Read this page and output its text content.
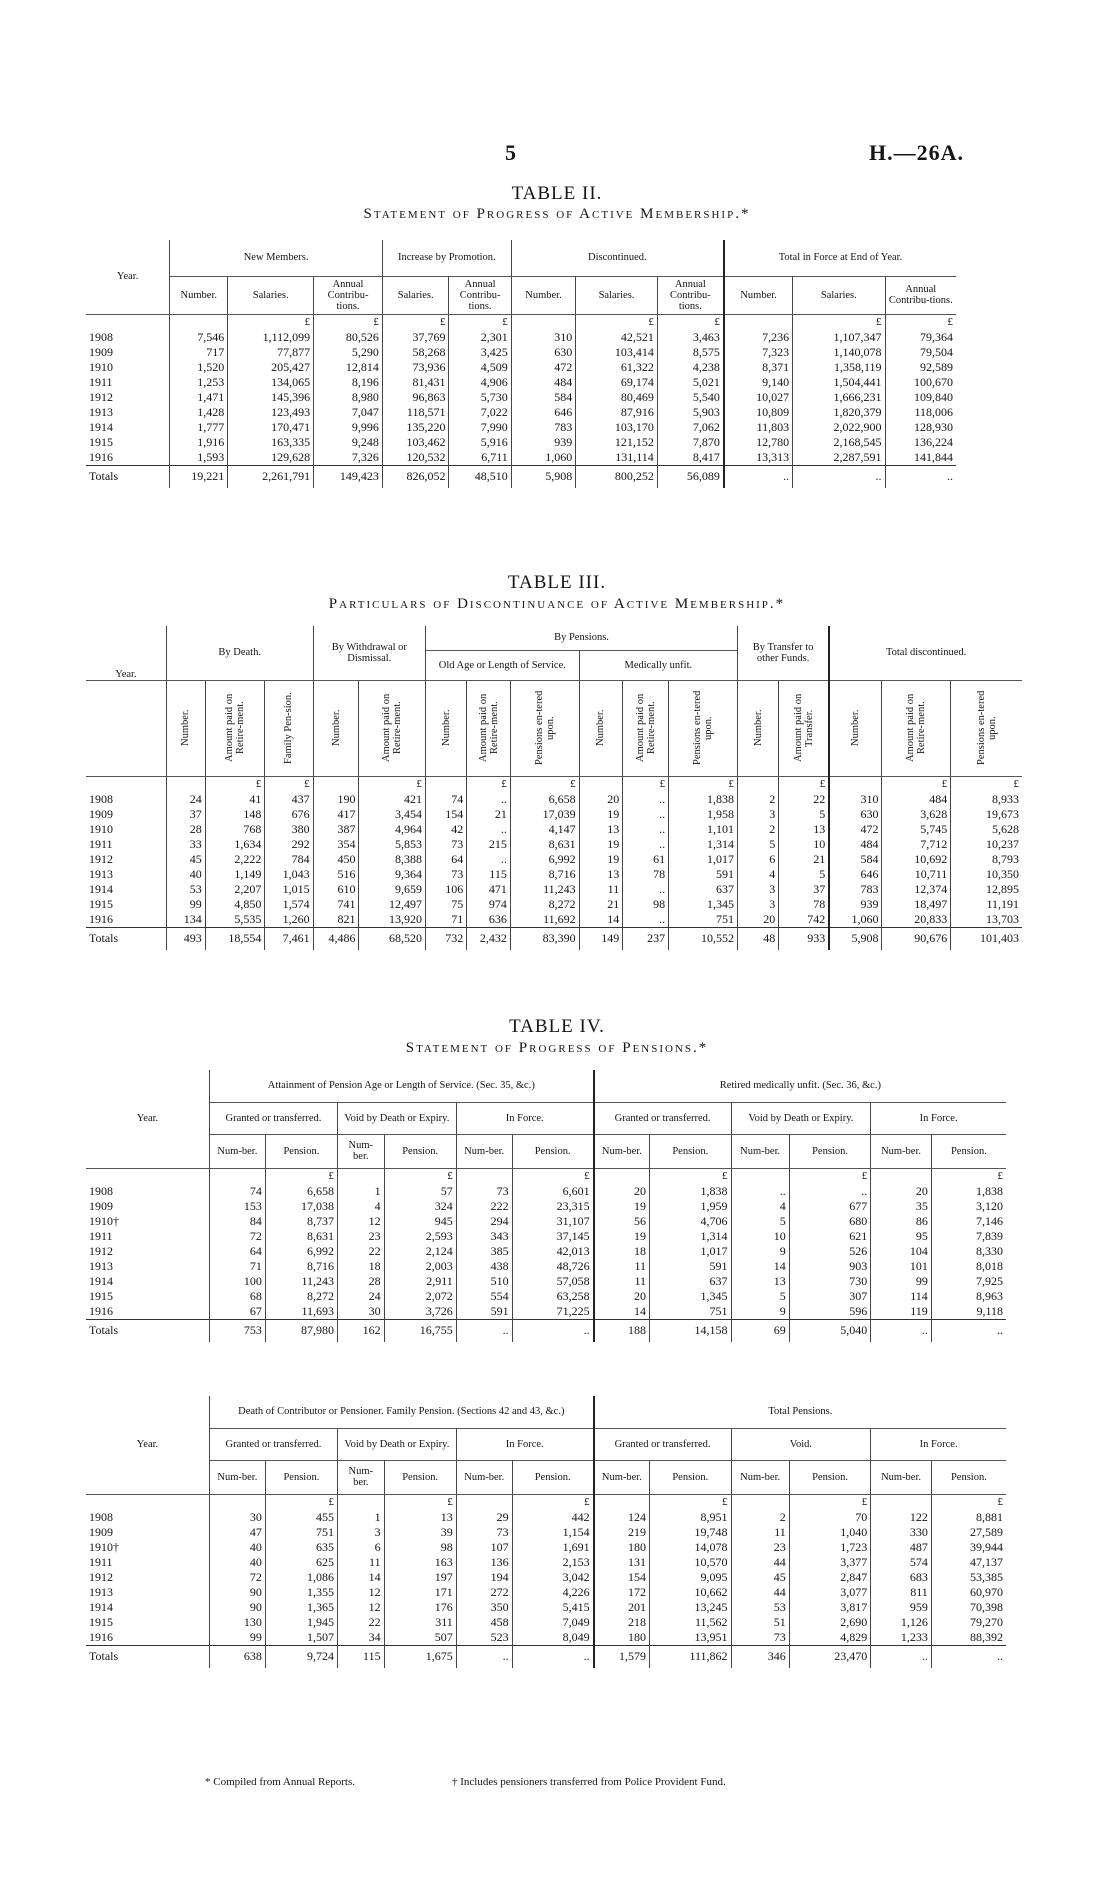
5	H.—26A.
TABLE II.
Statement of Progress of Active Membership.*
Year.	New Members.			Increase by Promotion.		Discontinued.			Total in Force at End of Year.		
	Number.	Salaries.	Annual Contribu-tions.	Salaries.	Annual Contribu-tions.	Number.	Salaries.	Annual Contribu-tions.	Number.	Salaries.	Annual Contribu-tions.
		£	£	£	£		£	£		£	£
1908	7,546	1,112,099	80,526	37,769	2,301	310	42,521	3,463	7,236	1,107,347	79,364
1909	717	77,877	5,290	58,268	3,425	630	103,414	8,575	7,323	1,140,078	79,504
1910	1,520	205,427	12,814	73,936	4,509	472	61,322	4,238	8,371	1,358,119	92,589
1911	1,253	134,065	8,196	81,431	4,906	484	69,174	5,021	9,140	1,504,441	100,670
1912	1,471	145,396	8,980	96,863	5,730	584	80,469	5,540	10,027	1,666,231	109,840
1913	1,428	123,493	7,047	118,571	7,022	646	87,916	5,903	10,809	1,820,379	118,006
1914	1,777	170,471	9,996	135,220	7,990	783	103,170	7,062	11,803	2,022,900	128,930
1915	1,916	163,335	9,248	103,462	5,916	939	121,152	7,870	12,780	2,168,545	136,224
1916	1,593	129,628	7,326	120,532	6,711	1,060	131,114	8,417	13,313	2,287,591	141,844
Totals	19,221	2,261,791	149,423	826,052	48,510	5,908	800,252	56,089	..	..	..
TABLE III.
Particulars of Discontinuance of Active Membership.*
Year.	By Death.			By Withdrawal or Dismissal.		By Pensions.						By Transfer to other Funds.		Total discontinued.		
						Old Age or Length of Service.			Medically unfit.							

	Number.	Amount paid on Retire-ment.	Family Pen-sion.	Number.	Amount paid on Retire-ment.	Number.	Amount paid on Retire-ment.	Pensions en-tered upon.	Number.	Amount paid on Retire-ment.	Pensions en-tered upon.	Number.	Amount paid on Transfer.	Number.	Amount paid on Retire-ment.	Pensions en-tered upon.

		£	£		£		£	£		£	£		£		£	£
1908	24	41	437	190	421	74	..	6,658	20	..	1,838	2	22	310	484	8,933
1909	37	148	676	417	3,454	154	21	17,039	19	..	1,958	3	5	630	3,628	19,673
1910	28	768	380	387	4,964	42	..	4,147	13	..	1,101	2	13	472	5,745	5,628
1911	33	1,634	292	354	5,853	73	215	8,631	19	..	1,314	5	10	484	7,712	10,237
1912	45	2,222	784	450	8,388	64	..	6,992	19	61	1,017	6	21	584	10,692	8,793
1913	40	1,149	1,043	516	9,364	73	115	8,716	13	78	591	4	5	646	10,711	10,350
1914	53	2,207	1,015	610	9,659	106	471	11,243	11	..	637	3	37	783	12,374	12,895
1915	99	4,850	1,574	741	12,497	75	974	8,272	21	98	1,345	3	78	939	18,497	11,191
1916	134	5,535	1,260	821	13,920	71	636	11,692	14	..	751	20	742	1,060	20,833	13,703
Totals	493	18,554	7,461	4,486	68,520	732	2,432	83,390	149	237	10,552	48	933	5,908	90,676	101,403
TABLE IV.
Statement of Progress of Pensions.*
Year.	Attainment of Pension Age or Length of Service. (Sec. 35, &c.)						Retired medically unfit. (Sec. 36, &c.)					
	Granted or transferred.		Void by Death or Expiry.		In Force.		Granted or transferred.		Void by Death or Expiry.		In Force.	
	Num-ber.	Pension.	Num-ber.	Pension.	Num-ber.	Pension.	Num-ber.	Pension.	Num-ber.	Pension.	Num-ber.	Pension.
		£		£		£		£		£		£
1908	74	6,658	1	57	73	6,601	20	1,838	..	..	20	1,838
1909	153	17,038	4	324	222	23,315	19	1,959	4	677	35	3,120
1910†	84	8,737	12	945	294	31,107	56	4,706	5	680	86	7,146
1911	72	8,631	23	2,593	343	37,145	19	1,314	10	621	95	7,839
1912	64	6,992	22	2,124	385	42,013	18	1,017	9	526	104	8,330
1913	71	8,716	18	2,003	438	48,726	11	591	14	903	101	8,018
1914	100	11,243	28	2,911	510	57,058	11	637	13	730	99	7,925
1915	68	8,272	24	2,072	554	63,258	20	1,345	5	307	114	8,963
1916	67	11,693	30	3,726	591	71,225	14	751	9	596	119	9,118
Totals	753	87,980	162	16,755	..	..	188	14,158	69	5,040	..	..
Year.	Death of Contributor or Pensioner. Family Pension. (Sections 42 and 43, &c.)						Total Pensions.					
	Granted or transferred.		Void by Death or Expiry.		In Force.		Granted or transferred.		Void.		In Force.	
	Num-ber.	Pension.	Num-ber.	Pension.	Num-ber.	Pension.	Num-ber.	Pension.	Num-ber.	Pension.	Num-ber.	Pension.
		£		£		£		£		£		£
1908	30	455	1	13	29	442	124	8,951	2	70	122	8,881
1909	47	751	3	39	73	1,154	219	19,748	11	1,040	330	27,589
1910†	40	635	6	98	107	1,691	180	14,078	23	1,723	487	39,944
1911	40	625	11	163	136	2,153	131	10,570	44	3,377	574	47,137
1912	72	1,086	14	197	194	3,042	154	9,095	45	2,847	683	53,385
1913	90	1,355	12	171	272	4,226	172	10,662	44	3,077	811	60,970
1914	90	1,365	12	176	350	5,415	201	13,245	53	3,817	959	70,398
1915	130	1,945	22	311	458	7,049	218	11,562	51	2,690	1,126	79,270
1916	99	1,507	34	507	523	8,049	180	13,951	73	4,829	1,233	88,392
Totals	638	9,724	115	1,675	..	..	1,579	111,862	346	23,470	..	..
* Compiled from Annual Reports.	† Includes pensioners transferred from Police Provident Fund.
